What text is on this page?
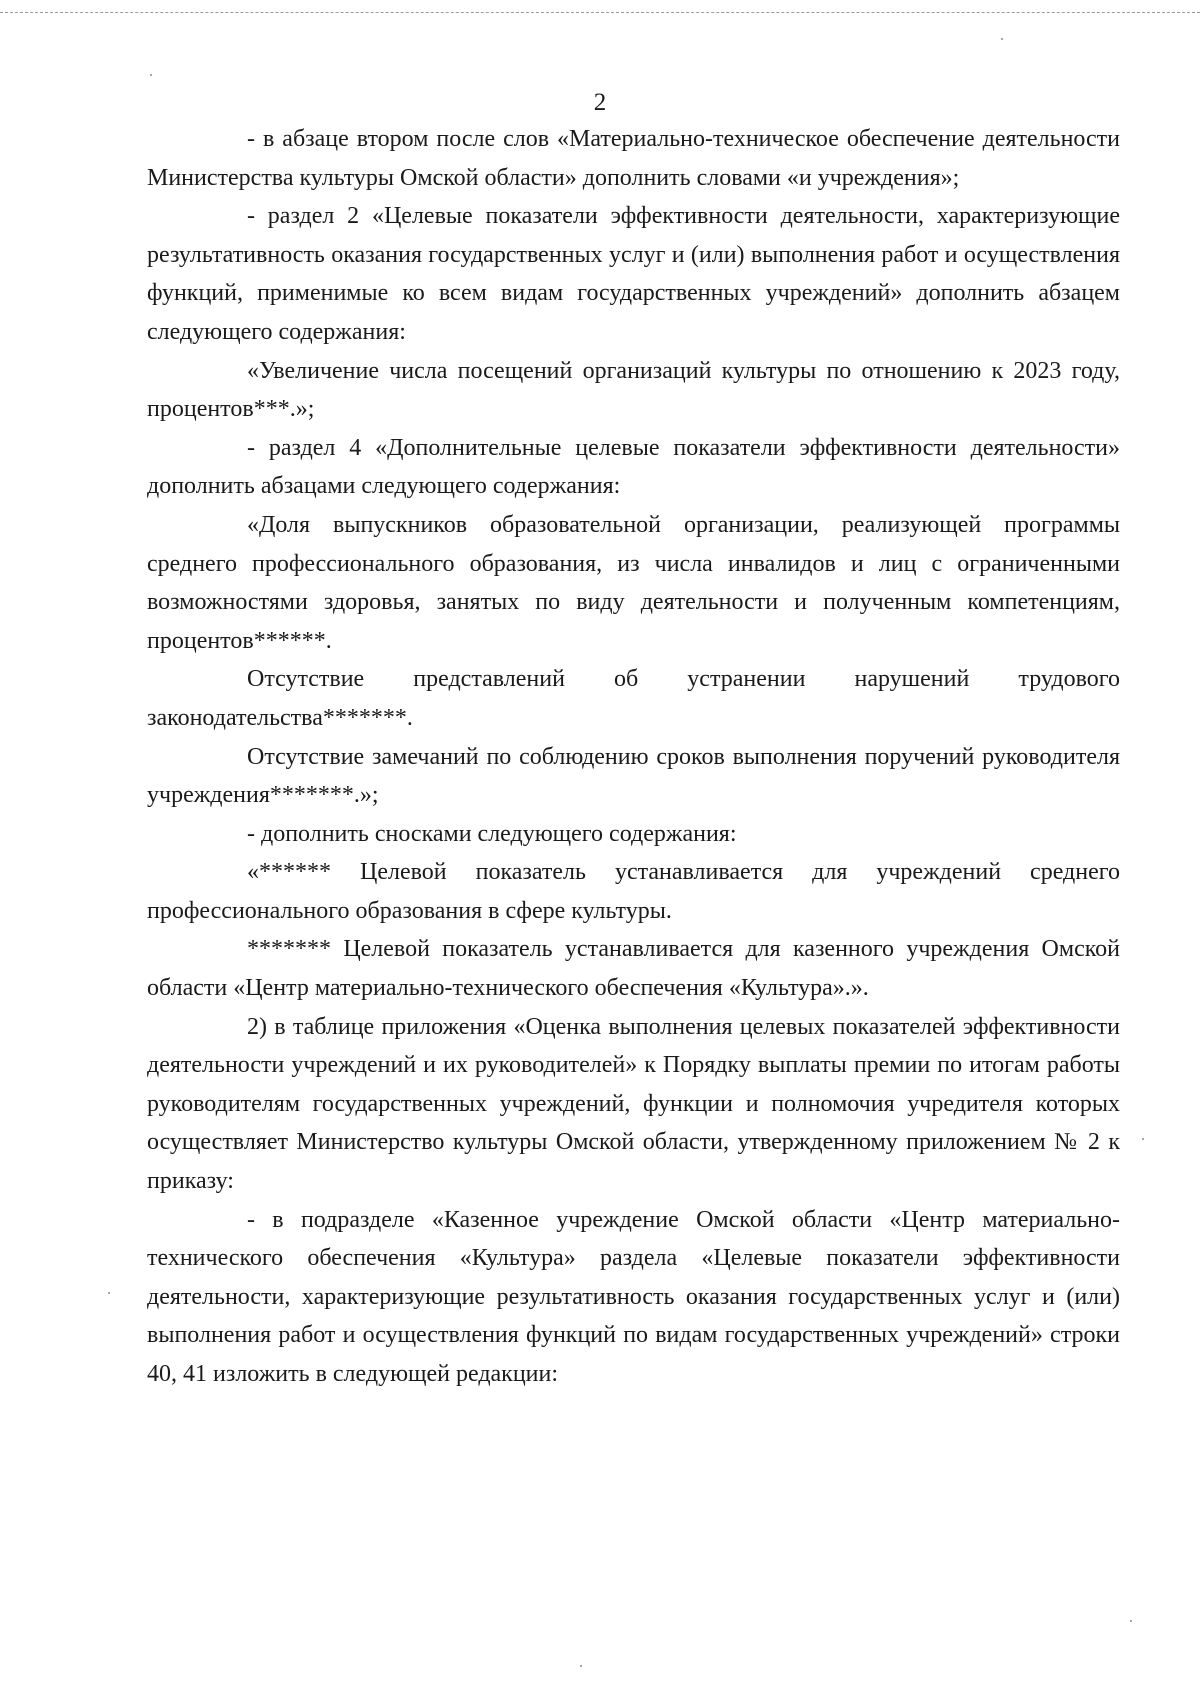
2

- в абзаце втором после слов «Материально-техническое обеспечение деятельности Министерства культуры Омской области» дополнить словами «и учреждения»;

- раздел 2 «Целевые показатели эффективности деятельности, характеризующие результативность оказания государственных услуг и (или) выполнения работ и осуществления функций, применимые ко всем видам государственных учреждений» дополнить абзацем следующего содержания:

«Увеличение числа посещений организаций культуры по отношению к 2023 году, процентов***.»;

- раздел 4 «Дополнительные целевые показатели эффективности деятельности» дополнить абзацами следующего содержания:

«Доля выпускников образовательной организации, реализующей программы среднего профессионального образования, из числа инвалидов и лиц с ограниченными возможностями здоровья, занятых по виду деятельности и полученным компетенциям, процентов******.

Отсутствие представлений об устранении нарушений трудового законодательства*******.

Отсутствие замечаний по соблюдению сроков выполнения поручений руководителя учреждения*******.»;

- дополнить сносками следующего содержания:

«****** Целевой показатель устанавливается для учреждений среднего профессионального образования в сфере культуры.

******* Целевой показатель устанавливается для казенного учреждения Омской области «Центр материально-технического обеспечения «Культура».».

2) в таблице приложения «Оценка выполнения целевых показателей эффективности деятельности учреждений и их руководителей» к Порядку выплаты премии по итогам работы руководителям государственных учреждений, функции и полномочия учредителя которых осуществляет Министерство культуры Омской области, утвержденному приложением № 2 к приказу:

- в подразделе «Казенное учреждение Омской области «Центр материально-технического обеспечения «Культура» раздела «Целевые показатели эффективности деятельности, характеризующие результативность оказания государственных услуг и (или) выполнения работ и осуществления функций по видам государственных учреждений» строки 40, 41 изложить в следующей редакции:
